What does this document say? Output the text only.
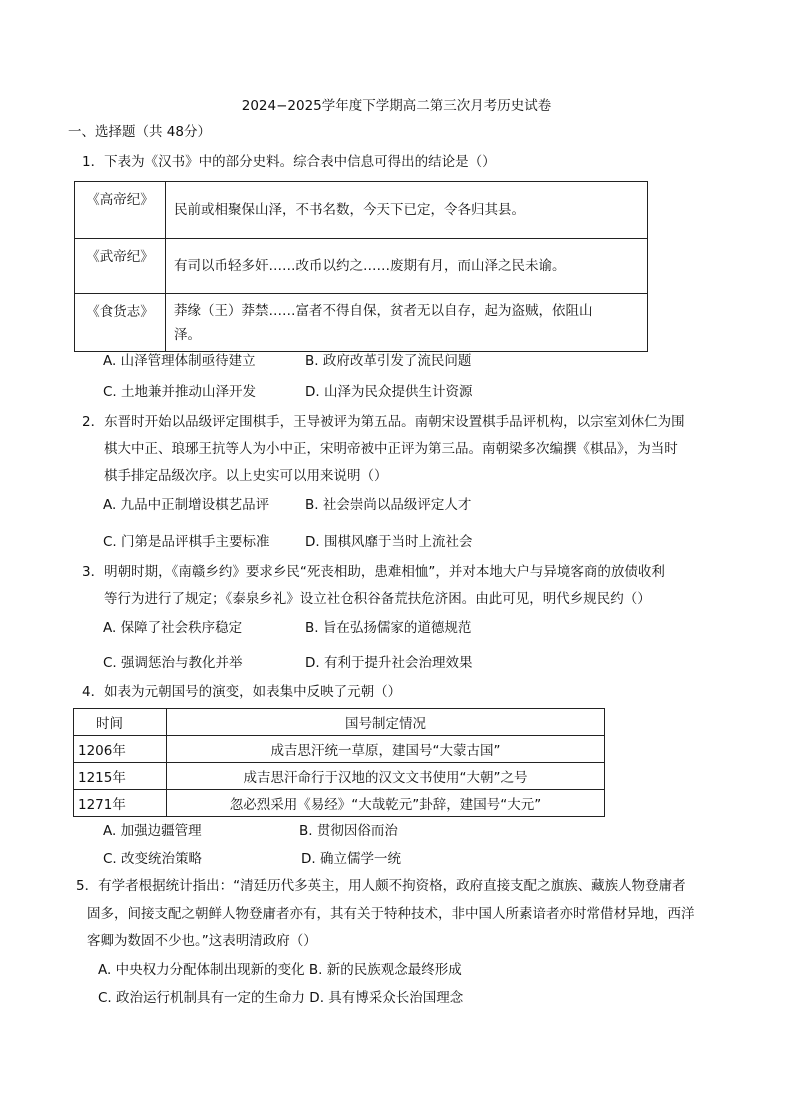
2024−2025学年度下学期高二第三次月考历史试卷
一、选择题（共 48分）
1．下表为《汉书》中的部分史料。综合表中信息可得出的结论是（）
《高帝纪》	民前或相聚保山泽，不书名数，今天下已定，令各归其县。
《武帝纪》	有司以币轻多奸……改币以约之……废期有月，而山泽之民未谕。
《食货志》	莽缘（王）莽禁……富者不得自保，贫者无以自存，起为盗贼，依阻山
泽。
A. 山泽管理体制亟待建立	B. 政府改革引发了流民问题
C. 土地兼并推动山泽开发	D. 山泽为民众提供生计资源
2．东晋时开始以品级评定围棋手，王导被评为第五品。南朝宋设置棋手品评机构，以宗室刘休仁为围
棋大中正、琅琊王抗等人为小中正，宋明帝被中正评为第三品。南朝梁多次编撰《棋品》，为当时
棋手排定品级次序。以上史实可以用来说明（）
A. 九品中正制增设棋艺品评	B. 社会崇尚以品级评定人才
C. 门第是品评棋手主要标准	D. 围棋风靡于当时上流社会
3．明朝时期，《南赣乡约》要求乡民“死丧相助，患难相恤”，并对本地大户与异境客商的放债收利
等行为进行了规定；《泰泉乡礼》设立社仓积谷备荒扶危济困。由此可见，明代乡规民约（）
A. 保障了社会秩序稳定	B. 旨在弘扬儒家的道德规范
C. 强调惩治与教化并举	D. 有利于提升社会治理效果
4．如表为元朝国号的演变，如表集中反映了元朝（）
时间	国号制定情况
1206年	成吉思汗统一草原，建国号“大蒙古国”
1215年	成吉思汗命行于汉地的汉文文书使用“大朝”之号
1271年	忽必烈采用《易经》“大哉乾元”卦辞，建国号“大元”
A. 加强边疆管理	B. 贯彻因俗而治
C. 改变统治策略	D. 确立儒学一统
5．有学者根据统计指出：“清廷历代多英主，用人颇不拘资格，政府直接支配之旗族、藏族人物登庸者
固多，间接支配之朝鲜人物登庸者亦有，其有关于特种技术，非中国人所素谙者亦时常借材异地，西洋
客卿为数固不少也。”这表明清政府（）
A. 中央权力分配体制出现新的变化 B. 新的民族观念最终形成
C. 政治运行机制具有一定的生命力 D. 具有博采众长治国理念
